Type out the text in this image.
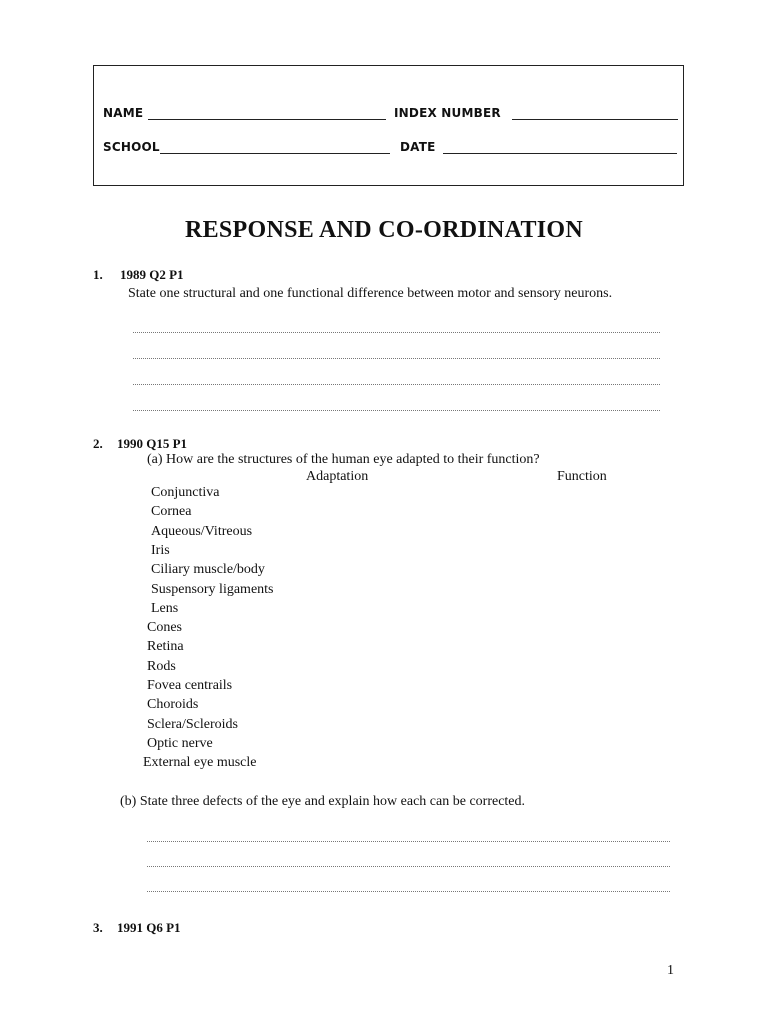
NAME	INDEX NUMBER
SCHOOL	DATE
RESPONSE AND CO-ORDINATION
1. 1989 Q2 P1
State one structural and one functional difference between motor and sensory neurons.
2. 1990 Q15 P1
(a) How are the structures of the human eye adapted to their function?
Adaptation	Function
Conjunctiva
Cornea
Aqueous/Vitreous
Iris
Ciliary muscle/body
Suspensory ligaments
Lens
Cones
Retina
Rods
Fovea centrails
Choroids
Sclera/Scleroids
Optic nerve
External eye muscle
(b) State three defects of the eye and explain how each can be corrected.
3. 1991 Q6 P1
1
